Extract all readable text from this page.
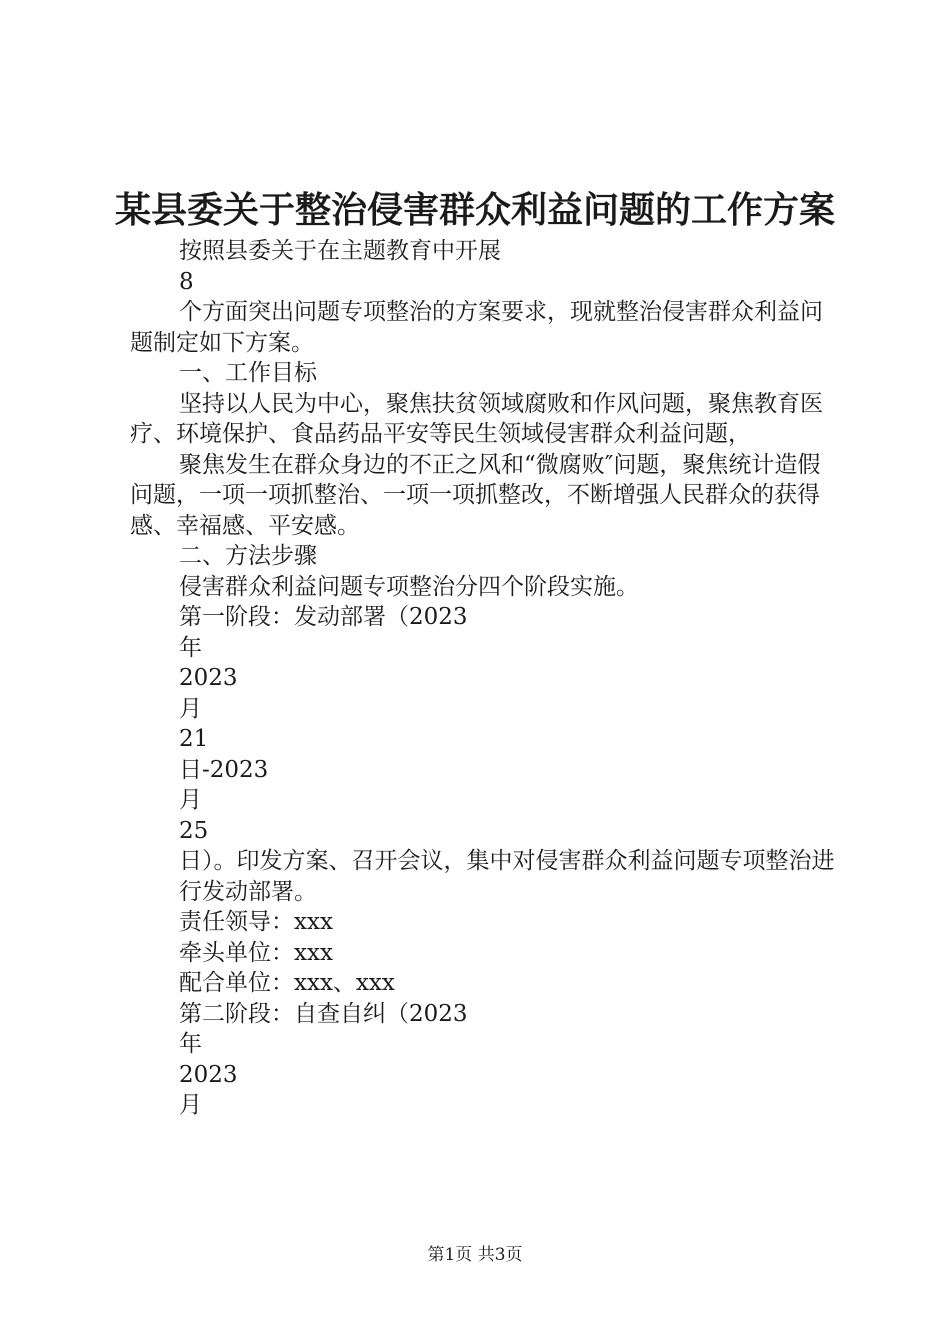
某县委关于整治侵害群众利益问题的工作方案

按照县委关于在主题教育中开展

8

个方面突出问题专项整治的方案要求，现就整治侵害群众利益问题制定如下方案。

一、工作目标

坚持以人民为中心，聚焦扶贫领域腐败和作风问题，聚焦教育医疗、环境保护、食品药品平安等民生领域侵害群众利益问题，

聚焦发生在群众身边的不正之风和“微腐败″问题，聚焦统计造假问题，一项一项抓整治、一项一项抓整改，不断增强人民群众的获得感、幸福感、平安感。

二、方法步骤

侵害群众利益问题专项整治分四个阶段实施。

第一阶段：发动部署（2023

年

2023

月

21

日-2023

月

25

日）。印发方案、召开会议，集中对侵害群众利益问题专项整治进

行发动部署。

责任领导：xxx

牵头单位：xxx

配合单位：xxx、xxx

第二阶段：自查自纠（2023

年

2023

月

第1页 共3页
